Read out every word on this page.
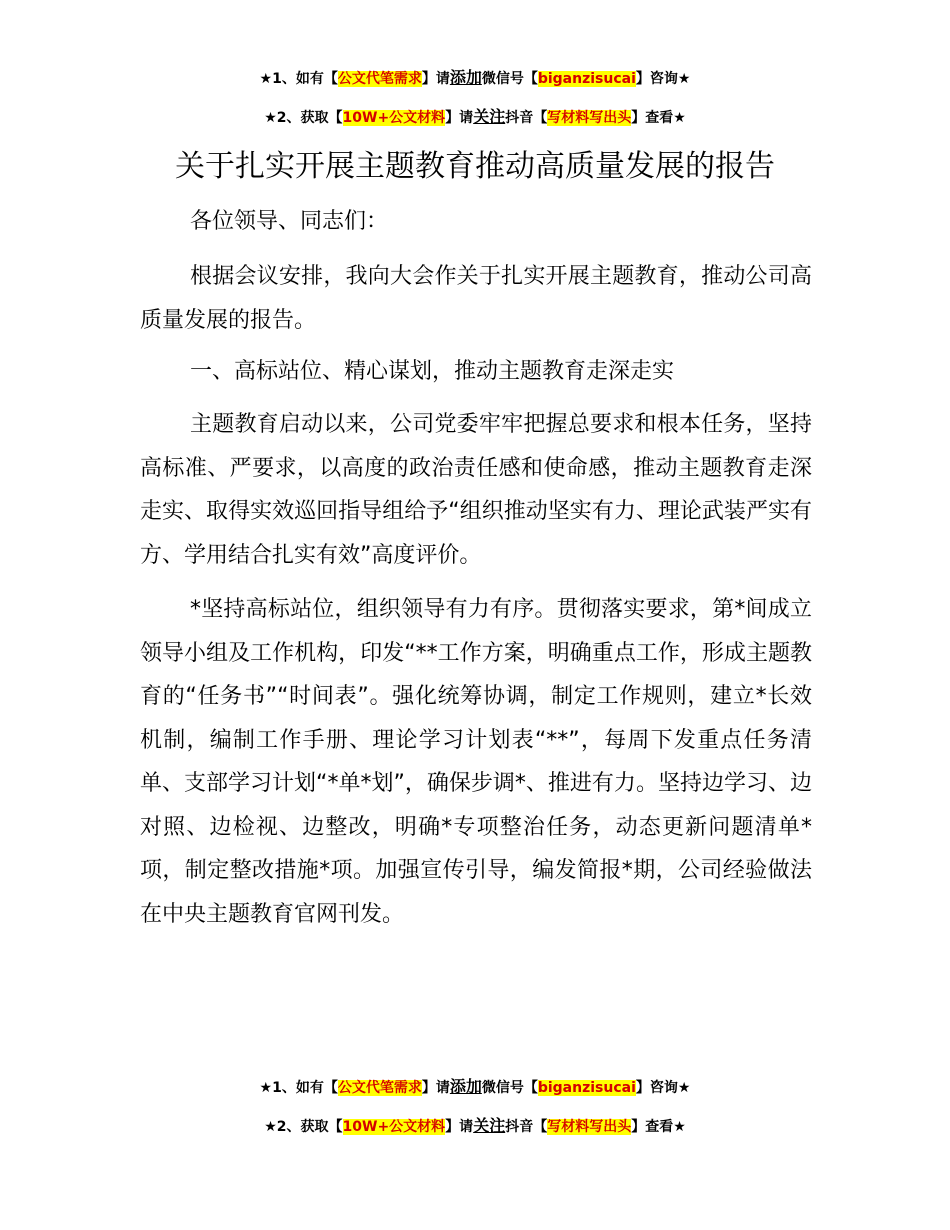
★1、如有【公文代笔需求】请添加微信号【biganzisucai】咨询★
★2、获取【10W+公文材料】请关注抖音【写材料写出头】查看★
关于扎实开展主题教育推动高质量发展的报告

各位领导、同志们：

根据会议安排，我向大会作关于扎实开展主题教育，推动公司高质量发展的报告。

一、高标站位、精心谋划，推动主题教育走深走实

主题教育启动以来，公司党委牢牢把握总要求和根本任务，坚持高标准、严要求，以高度的政治责任感和使命感，推动主题教育走深走实、取得实效巡回指导组给予“组织推动坚实有力、理论武装严实有方、学用结合扎实有效”高度评价。

*坚持高标站位，组织领导有力有序。贯彻落实要求，第*间成立领导小组及工作机构，印发“**工作方案，明确重点工作，形成主题教育的“任务书”“时间表”。强化统筹协调，制定工作规则，建立*长效机制，编制工作手册、理论学习计划表“**”，每周下发重点任务清单、支部学习计划“*单*划”，确保步调*、推进有力。坚持边学习、边对照、边检视、边整改，明确*专项整治任务，动态更新问题清单*项，制定整改措施*项。加强宣传引导，编发简报*期，公司经验做法在中央主题教育官网刊发。

★1、如有【公文代笔需求】请添加微信号【biganzisucai】咨询★
★2、获取【10W+公文材料】请关注抖音【写材料写出头】查看★
